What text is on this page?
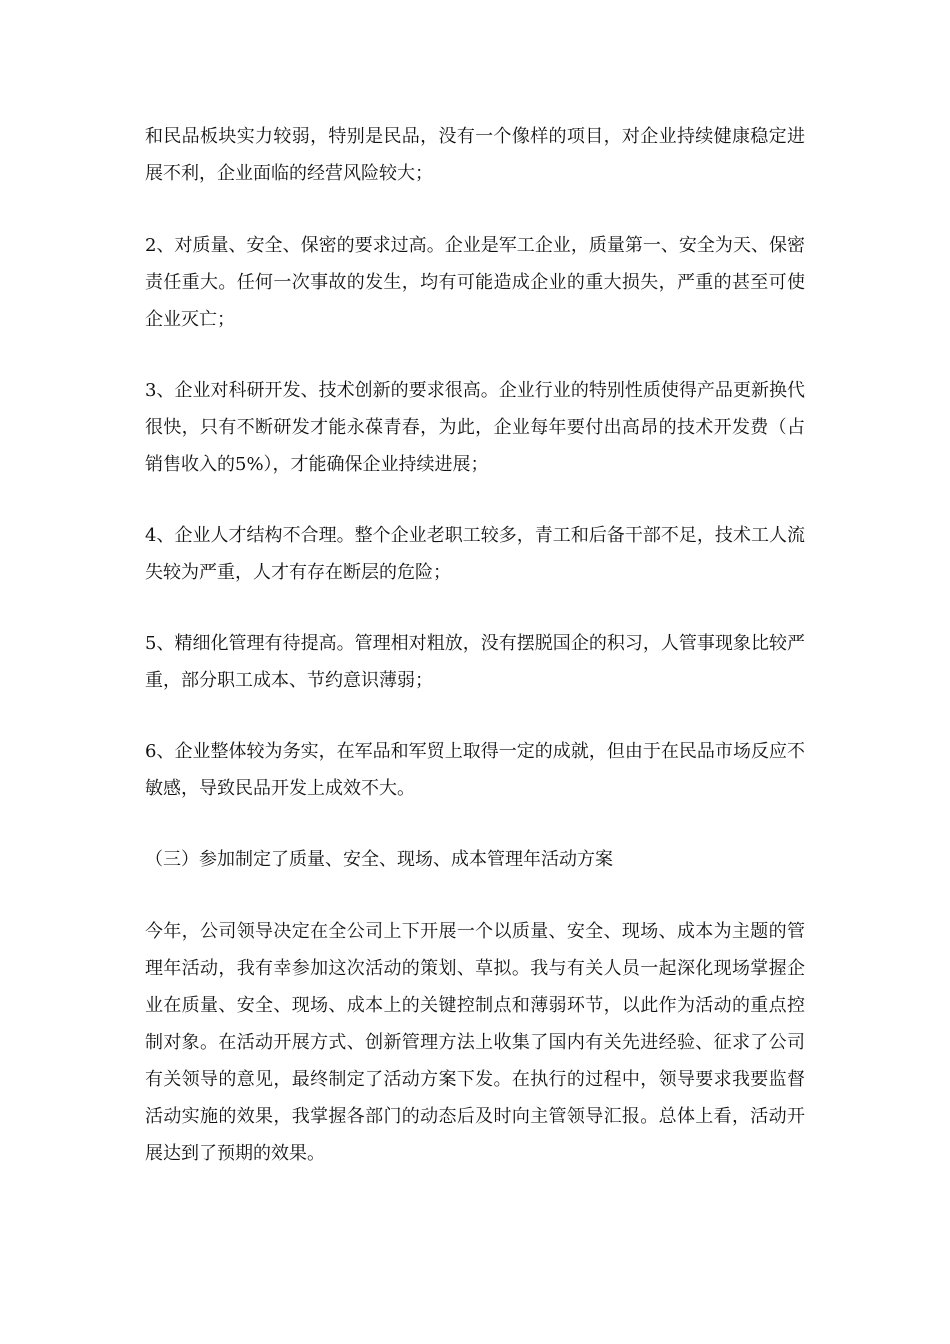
和民品板块实力较弱，特别是民品，没有一个像样的项目，对企业持续健康稳定进展不利，企业面临的经营风险较大；

2、对质量、安全、保密的要求过高。企业是军工企业，质量第一、安全为天、保密责任重大。任何一次事故的发生，均有可能造成企业的重大损失，严重的甚至可使企业灭亡；

3、企业对科研开发、技术创新的要求很高。企业行业的特别性质使得产品更新换代很快，只有不断研发才能永葆青春，为此，企业每年要付出高昂的技术开发费（占销售收入的5%），才能确保企业持续进展；

4、企业人才结构不合理。整个企业老职工较多，青工和后备干部不足，技术工人流失较为严重，人才有存在断层的危险；

5、精细化管理有待提高。管理相对粗放，没有摆脱国企的积习，人管事现象比较严重，部分职工成本、节约意识薄弱；

6、企业整体较为务实，在军品和军贸上取得一定的成就，但由于在民品市场反应不敏感，导致民品开发上成效不大。

（三）参加制定了质量、安全、现场、成本管理年活动方案

今年，公司领导决定在全公司上下开展一个以质量、安全、现场、成本为主题的管理年活动，我有幸参加这次活动的策划、草拟。我与有关人员一起深化现场掌握企业在质量、安全、现场、成本上的关键控制点和薄弱环节，以此作为活动的重点控制对象。在活动开展方式、创新管理方法上收集了国内有关先进经验、征求了公司有关领导的意见，最终制定了活动方案下发。在执行的过程中，领导要求我要监督活动实施的效果，我掌握各部门的动态后及时向主管领导汇报。总体上看，活动开展达到了预期的效果。
